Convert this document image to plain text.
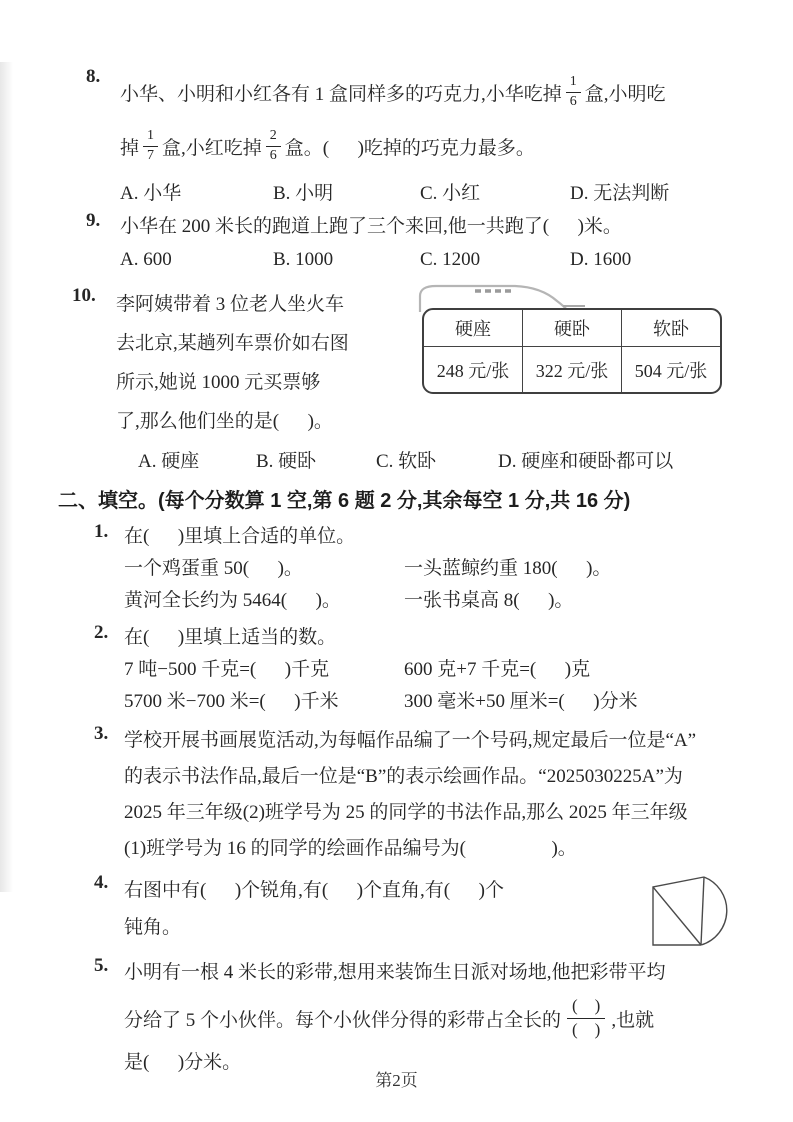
8.
小华、小明和小红各有 1 盒同样多的巧克力,小华吃掉 $\frac{1}{6}$ 盒,小明吃
掉 $\frac{1}{7}$ 盒,小红吃掉 $\frac{2}{6}$ 盒。(      )吃掉的巧克力最多。
A. 小华	B. 小明	C. 小红	D. 无法判断
9.	小华在 200 米长的跑道上跑了三个来回,他一共跑了(      )米。
A. 600	B. 1000	C. 1200	D. 1600
10.	李阿姨带着 3 位老人坐火车
去北京,某趟列车票价如右图
所示,她说 1000 元买票够
了,那么他们坐的是(      )。
硬座	硬卧	软卧
248 元/张	322 元/张	504 元/张
A. 硬座	B. 硬卧	C. 软卧	D. 硬座和硬卧都可以
二、填空。(每个分数算 1 空,第 6 题 2 分,其余每空 1 分,共 16 分)
1. 在(      )里填上合适的单位。
一个鸡蛋重 50(      )。	一头蓝鲸约重 180(      )。
黄河全长约为 5464(      )。	一张书桌高 8(      )。
2. 在(      )里填上适当的数。
7 吨−500 千克=(      )千克	600 克+7 千克=(      )克
5700 米−700 米=(      )千米	300 毫米+50 厘米=(      )分米
3. 学校开展书画展览活动,为每幅作品编了一个号码,规定最后一位是“A”
的表示书法作品,最后一位是“B”的表示绘画作品。“2025030225A”为
2025 年三年级(2)班学号为 25 的同学的书法作品,那么 2025 年三年级
(1)班学号为 16 的同学的绘画作品编号为(                  )。
4. 右图中有(      )个锐角,有(      )个直角,有(      )个
钝角。
5. 小明有一根 4 米长的彩带,想用来装饰生日派对场地,他把彩带平均
分给了 5 个小伙伴。每个小伙伴分得的彩带占全长的 $\frac{( )}{( )}$ ,也就
是(      )分米。
第2页
